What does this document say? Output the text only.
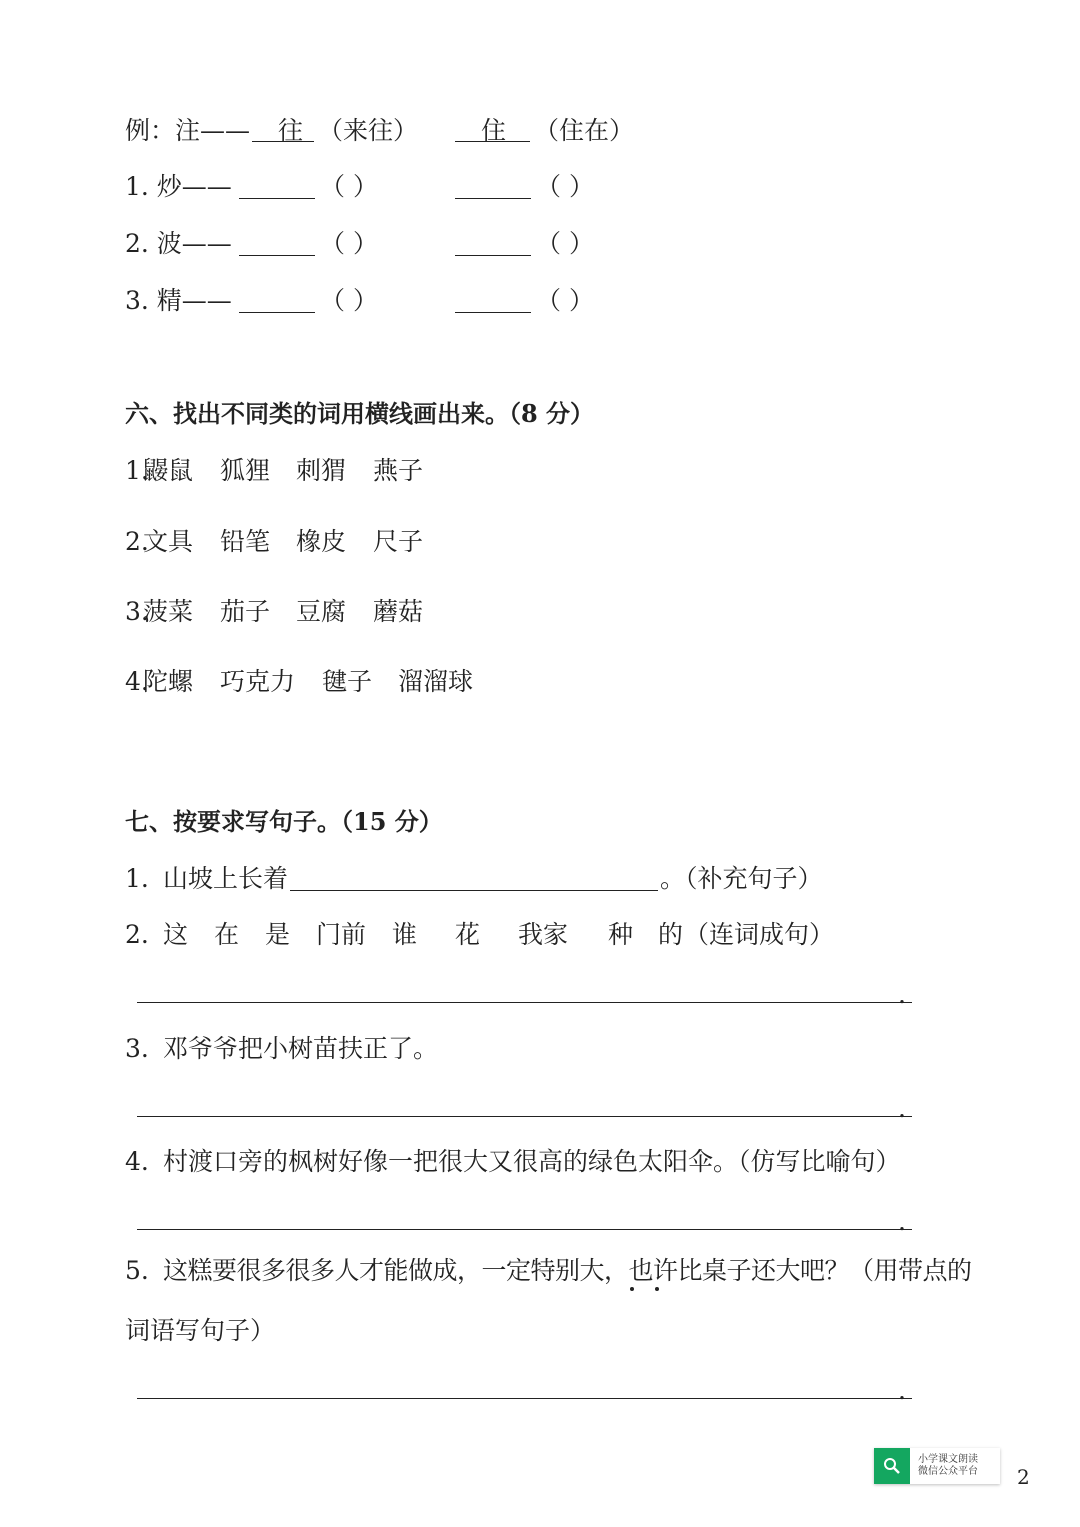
例：注—— 往 （来往）	住 （住在）
1. 炒——	（ ）	（ ）
2. 波——	（ ）	（ ）
3. 精——	（ ）	（ ）
六、找出不同类的词用横线画出来。（8 分）
1.
鼹鼠 狐狸 刺猬 燕子
2.
文具 铅笔 橡皮 尺子
3.
菠菜 茄子 豆腐 蘑菇
4.
陀螺 巧克力 毽子 溜溜球
七、按要求写句子。（15 分）
1. 山坡上长着	。（补充句子）
2. 这 在 是 门前 谁 花 我家 种 的 （连词成句）
.
3. 邓爷爷把小树苗扶正了。
.
4. 村渡口旁的枫树好像一把很大又很高的绿色太阳伞。（仿写比喻句）
.
5. 这糕要很多很多人才能做成，一定特别大，也许比桌子还大吧？（用带点的
词语写句子）
.
小学课文朗读
微信公众平台 2
